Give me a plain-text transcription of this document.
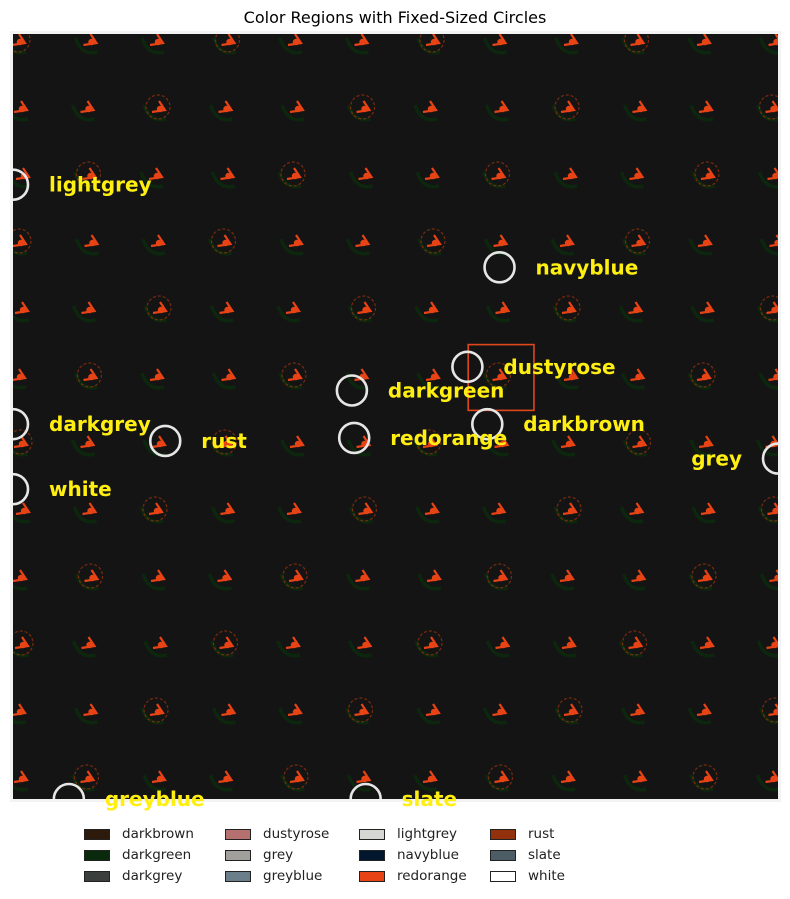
Color Regions with Fixed-Sized Circles
lightgrey
navyblue
dustyrose
darkgreen
darkgrey	darkbrown
rust	redorange
grey
white
greyblue	slate
darkbrown
darkgreen
darkgrey
dustyrose
grey
greyblue
lightgrey
navyblue
redorange
rust
slate
white
